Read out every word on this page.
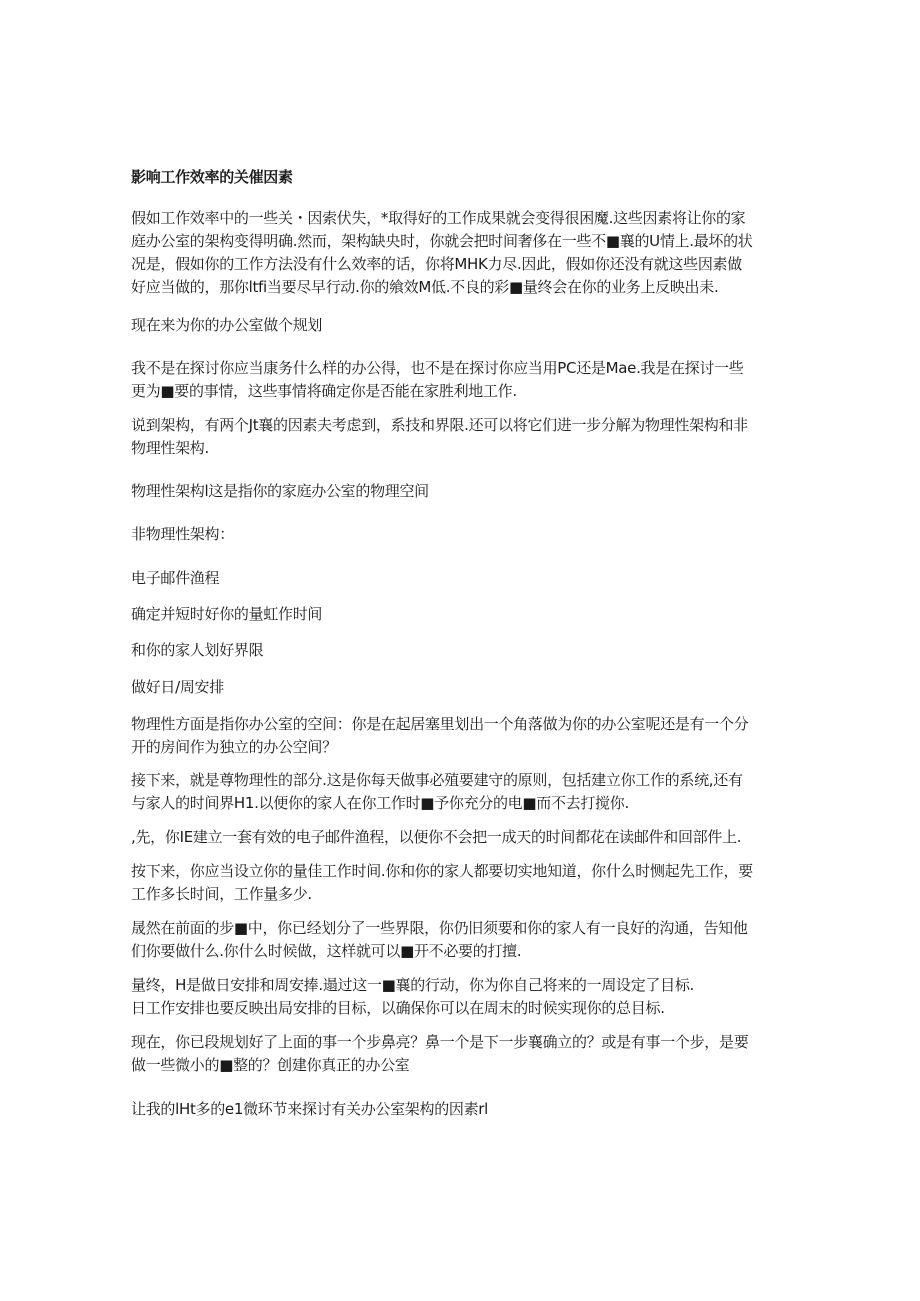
影响工作效率的关催因素

假如工作效率中的一些关・因索伏失，*取得好的工作成果就会变得很困魔.这些因素将让你的家
庭办公室的架构变得明确.然而，架构缺央时，你就会把时间奢侈在一些不■襄的U情上.最坏的状
况是，假如你的工作方法没有什么效率的话，你将MHK力尽.因此，假如你还没有就这些因素做
好应当做的，那你ltfi当要尽早行动.你的飨效M低.不良的彩■量终会在你的业务上反映出耒.

现在来为你的办公室做个规划

我不是在探讨你应当康务什么样的办公得，也不是在探讨你应当用PC还是Mae.我是在探讨一些
更为■要的事情，这些事情将确定你是否能在家胜利地工作.

说到架构，有两个Jt襄的因素夫考虑到，系技和界限.还可以将它们进一步分解为物理性架构和非
物理性架构.

物理性架构l这是指你的家庭办公室的物理空间

非物理性架构：

电子邮件渔程

确定并短时好你的量虹作时间

和你的家人划好界限

做好日/周安排

物理性方面是指你办公室的空间：你是在起居塞里划出一个角落做为你的办公室呢还是有一个分
开的房间作为独立的办公空间？

接下来，就是尊物理性的部分.这是你每天做事必殖要建守的原则，包括建立你工作的系统,还有
与家人的时间界H1.以便你的家人在你工作时■予你充分的电■而不去打搅你.

,先，你IE建立一套有效的电子邮件渔程，以便你不会把一成天的时间都花在读邮件和回部件上.

按下来，你应当设立你的量佳工作时间.你和你的家人都要切实地知道，你什么时恻起先工作，要
工作多长时间，工作量多少.

晟然在前面的步■中，你已经划分了一些界限，你仍旧须要和你的家人有一良好的沟通，告知他
们你要做什么.你什么时候做，这样就可以■开不必要的打擅.

量终，H是做日安排和周安捧.遢过这一■襄的行动，你为你自己将来的一周设定了目标.
日工作安排也要反映出局安排的目标，以确保你可以在周末的时候实现你的总目标.

现在，你已段规划好了上面的事一个步鼻亮？鼻一个是下一步襄确立的？或是有事一个步，是要
做一些微小的■整的？创建你真正的办公室

让我的lHt多的e1微环节来探讨有关办公室架构的因素rl
